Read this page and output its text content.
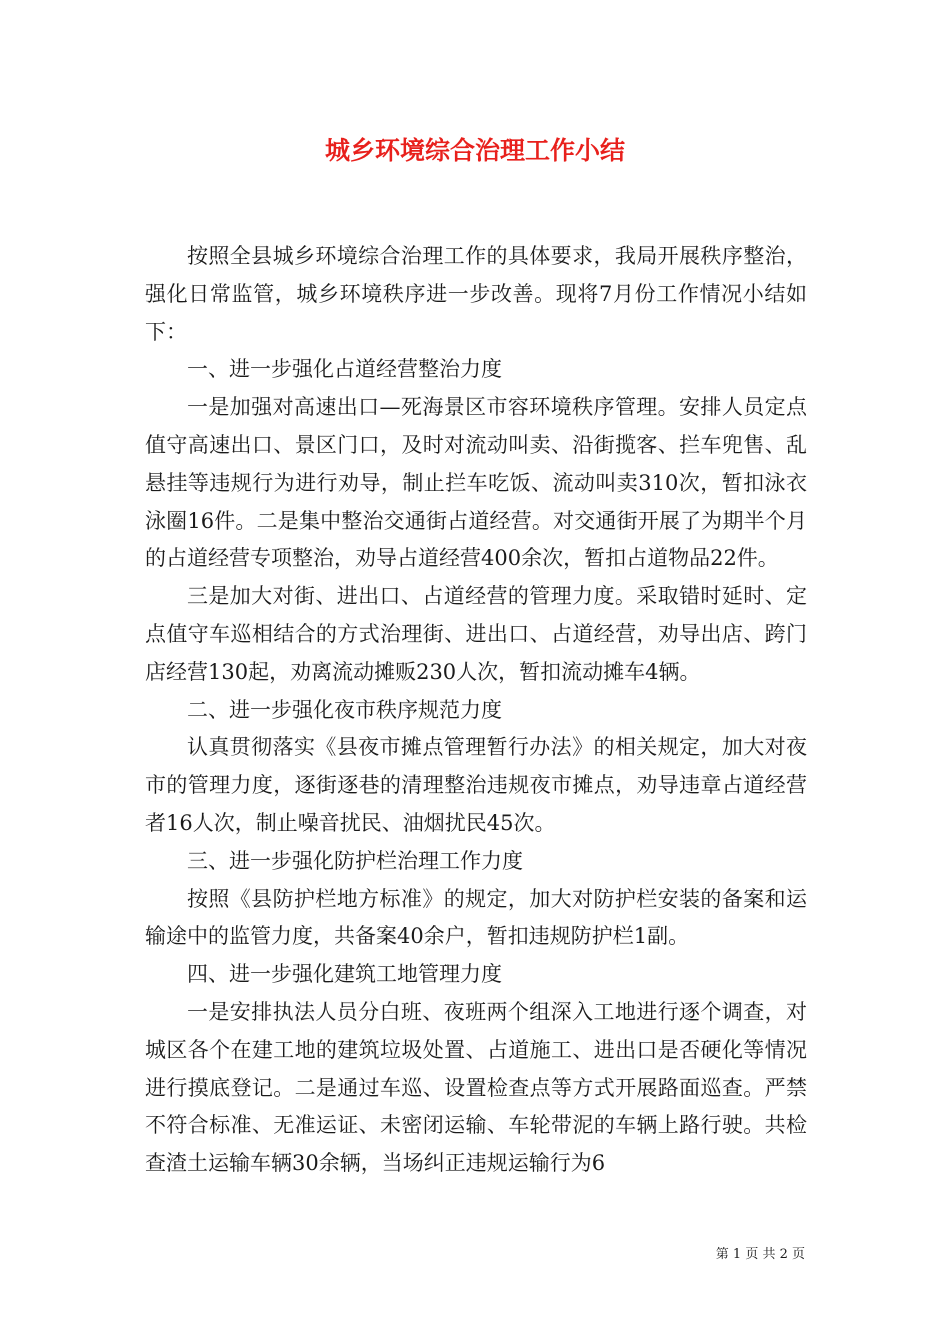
城乡环境综合治理工作小结

按照全县城乡环境综合治理工作的具体要求，我局开展秩序整治，强化日常监管，城乡环境秩序进一步改善。现将7月份工作情况小结如下：

一、进一步强化占道经营整治力度

一是加强对高速出口—死海景区市容环境秩序管理。安排人员定点值守高速出口、景区门口，及时对流动叫卖、沿街揽客、拦车兜售、乱悬挂等违规行为进行劝导，制止拦车吃饭、流动叫卖310次，暂扣泳衣泳圈16件。二是集中整治交通街占道经营。对交通街开展了为期半个月的占道经营专项整治，劝导占道经营400余次，暂扣占道物品22件。

三是加大对街、进出口、占道经营的管理力度。采取错时延时、定点值守车巡相结合的方式治理街、进出口、占道经营，劝导出店、跨门店经营130起，劝离流动摊贩230人次，暂扣流动摊车4辆。

二、进一步强化夜市秩序规范力度

认真贯彻落实《县夜市摊点管理暂行办法》的相关规定，加大对夜市的管理力度，逐街逐巷的清理整治违规夜市摊点，劝导违章占道经营者16人次，制止噪音扰民、油烟扰民45次。

三、进一步强化防护栏治理工作力度

按照《县防护栏地方标准》的规定，加大对防护栏安装的备案和运输途中的监管力度，共备案40余户，暂扣违规防护栏1副。

四、进一步强化建筑工地管理力度

一是安排执法人员分白班、夜班两个组深入工地进行逐个调查，对城区各个在建工地的建筑垃圾处置、占道施工、进出口是否硬化等情况进行摸底登记。二是通过车巡、设置检查点等方式开展路面巡查。严禁不符合标准、无准运证、未密闭运输、车轮带泥的车辆上路行驶。共检查渣土运输车辆30余辆，当场纠正违规运输行为6

第 1 页 共 2 页
